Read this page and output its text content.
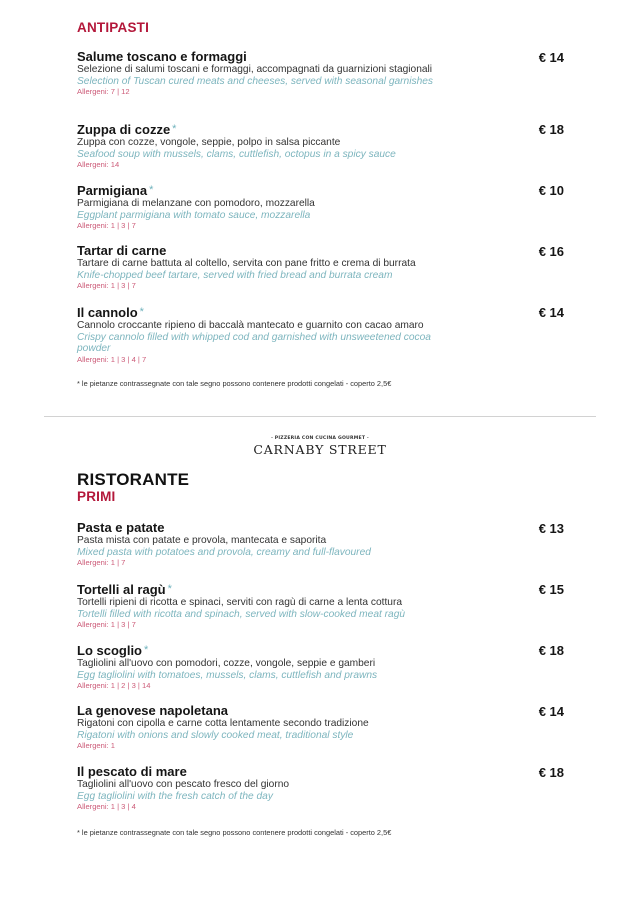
ANTIPASTI
Salume toscano e formaggi	€ 14
Selezione di salumi toscani e formaggi, accompagnati da guarnizioni stagionali
Selection of Tuscan cured meats and cheeses, served with seasonal garnishes
Allergeni: 7 | 12
Zuppa di cozze *	€ 18
Zuppa con cozze, vongole, seppie, polpo in salsa piccante
Seafood soup with mussels, clams, cuttlefish, octopus in a spicy sauce
Allergeni: 14
Parmigiana *	€ 10
Parmigiana di melanzane con pomodoro, mozzarella
Eggplant parmigiana with tomato sauce, mozzarella
Allergeni: 1 | 3 | 7
Tartar di carne	€ 16
Tartare di carne battuta al coltello, servita con pane fritto e crema di burrata
Knife-chopped beef tartare, served with fried bread and burrata cream
Allergeni: 1 | 3 | 7
Il cannolo *	€ 14
Cannolo croccante ripieno di baccalà mantecato e guarnito con cacao amaro
Crispy cannolo filled with whipped cod and garnished with unsweetened cocoa powder
Allergeni: 1 | 3 | 4 | 7
* le pietanze contrassegnate con tale segno possono contenere prodotti congelati - coperto 2,5€
· PIZZERIA CON CUCINA GOURMET ·
CARNABY STREET
RISTORANTE
PRIMI
Pasta e patate	€ 13
Pasta mista con patate e provola, mantecata e saporita
Mixed pasta with potatoes and provola, creamy and full-flavoured
Allergeni: 1 | 7
Tortelli al ragù *	€ 15
Tortelli ripieni di ricotta e spinaci, serviti con ragù di carne a lenta cottura
Tortelli filled with ricotta and spinach, served with slow-cooked meat ragù
Allergeni: 1 | 3 | 7
Lo scoglio *	€ 18
Tagliolini all'uovo con pomodori, cozze, vongole, seppie e gamberi
Egg tagliolini with tomatoes, mussels, clams, cuttlefish and prawns
Allergeni: 1 | 2 | 3 | 14
La genovese napoletana	€ 14
Rigatoni con cipolla e carne cotta lentamente secondo tradizione
Rigatoni with onions and slowly cooked meat, traditional style
Allergeni: 1
Il pescato di mare	€ 18
Tagliolini all'uovo con pescato fresco del giorno
Egg tagliolini with the fresh catch of the day
Allergeni: 1 | 3 | 4
* le pietanze contrassegnate con tale segno possono contenere prodotti congelati - coperto 2,5€
